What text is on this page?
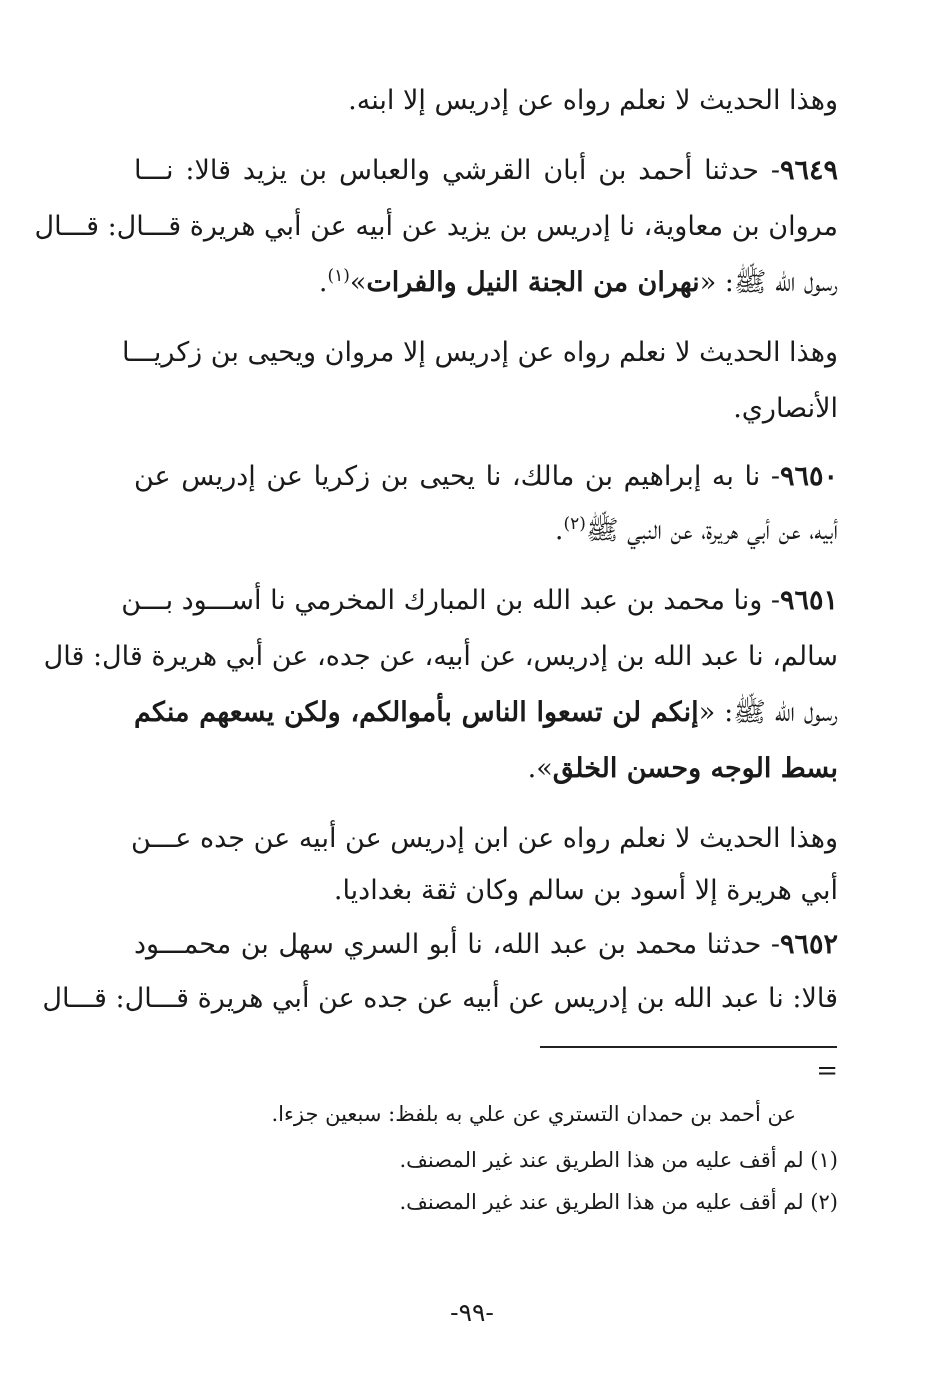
وهذا الحديث لا نعلم رواه عن إدريس إلا ابنه.
٩٦٤٩- حدثنا أحمد بن أبان القرشي والعباس بن يزيد قالا: نـــا
مروان بن معاوية، نا إدريس بن يزيد عن أبيه عن أبي هريرة قـــال: قـــال
رسول الله ﷺ: «نهران من الجنة النيل والفرات»$^{(١)}$.
وهذا الحديث لا نعلم رواه عن إدريس إلا مروان ويحيى بن زكريـــا
الأنصاري.
٩٦٥٠- نا به إبراهيم بن مالك، نا يحيى بن زكريا عن إدريس عن
أبيه، عن أبي هريرة، عن النبي ﷺ$^{(٢)}$.
٩٦٥١- ونا محمد بن عبد الله بن المبارك المخرمي نا أســـود بـــن
سالم، نا عبد الله بن إدريس، عن أبيه، عن جده، عن أبي هريرة قال: قال
رسول الله ﷺ: «إنكم لن تسعوا الناس بأموالكم، ولكن يسعهم منكم
بسط الوجه وحسن الخلق».
وهذا الحديث لا نعلم رواه عن ابن إدريس عن أبيه عن جده عـــن
أبي هريرة إلا أسود بن سالم وكان ثقة بغداديا.
٩٦٥٢- حدثنا محمد بن عبد الله، نا أبو السري سهل بن محمـــود
قالا: نا عبد الله بن إدريس عن أبيه عن جده عن أبي هريرة قـــال: قـــال
=
عن أحمد بن حمدان التستري عن علي به بلفظ: سبعين جزءا.
(١) لم أقف عليه من هذا الطريق عند غير المصنف.
(٢) لم أقف عليه من هذا الطريق عند غير المصنف.
-٩٩-
